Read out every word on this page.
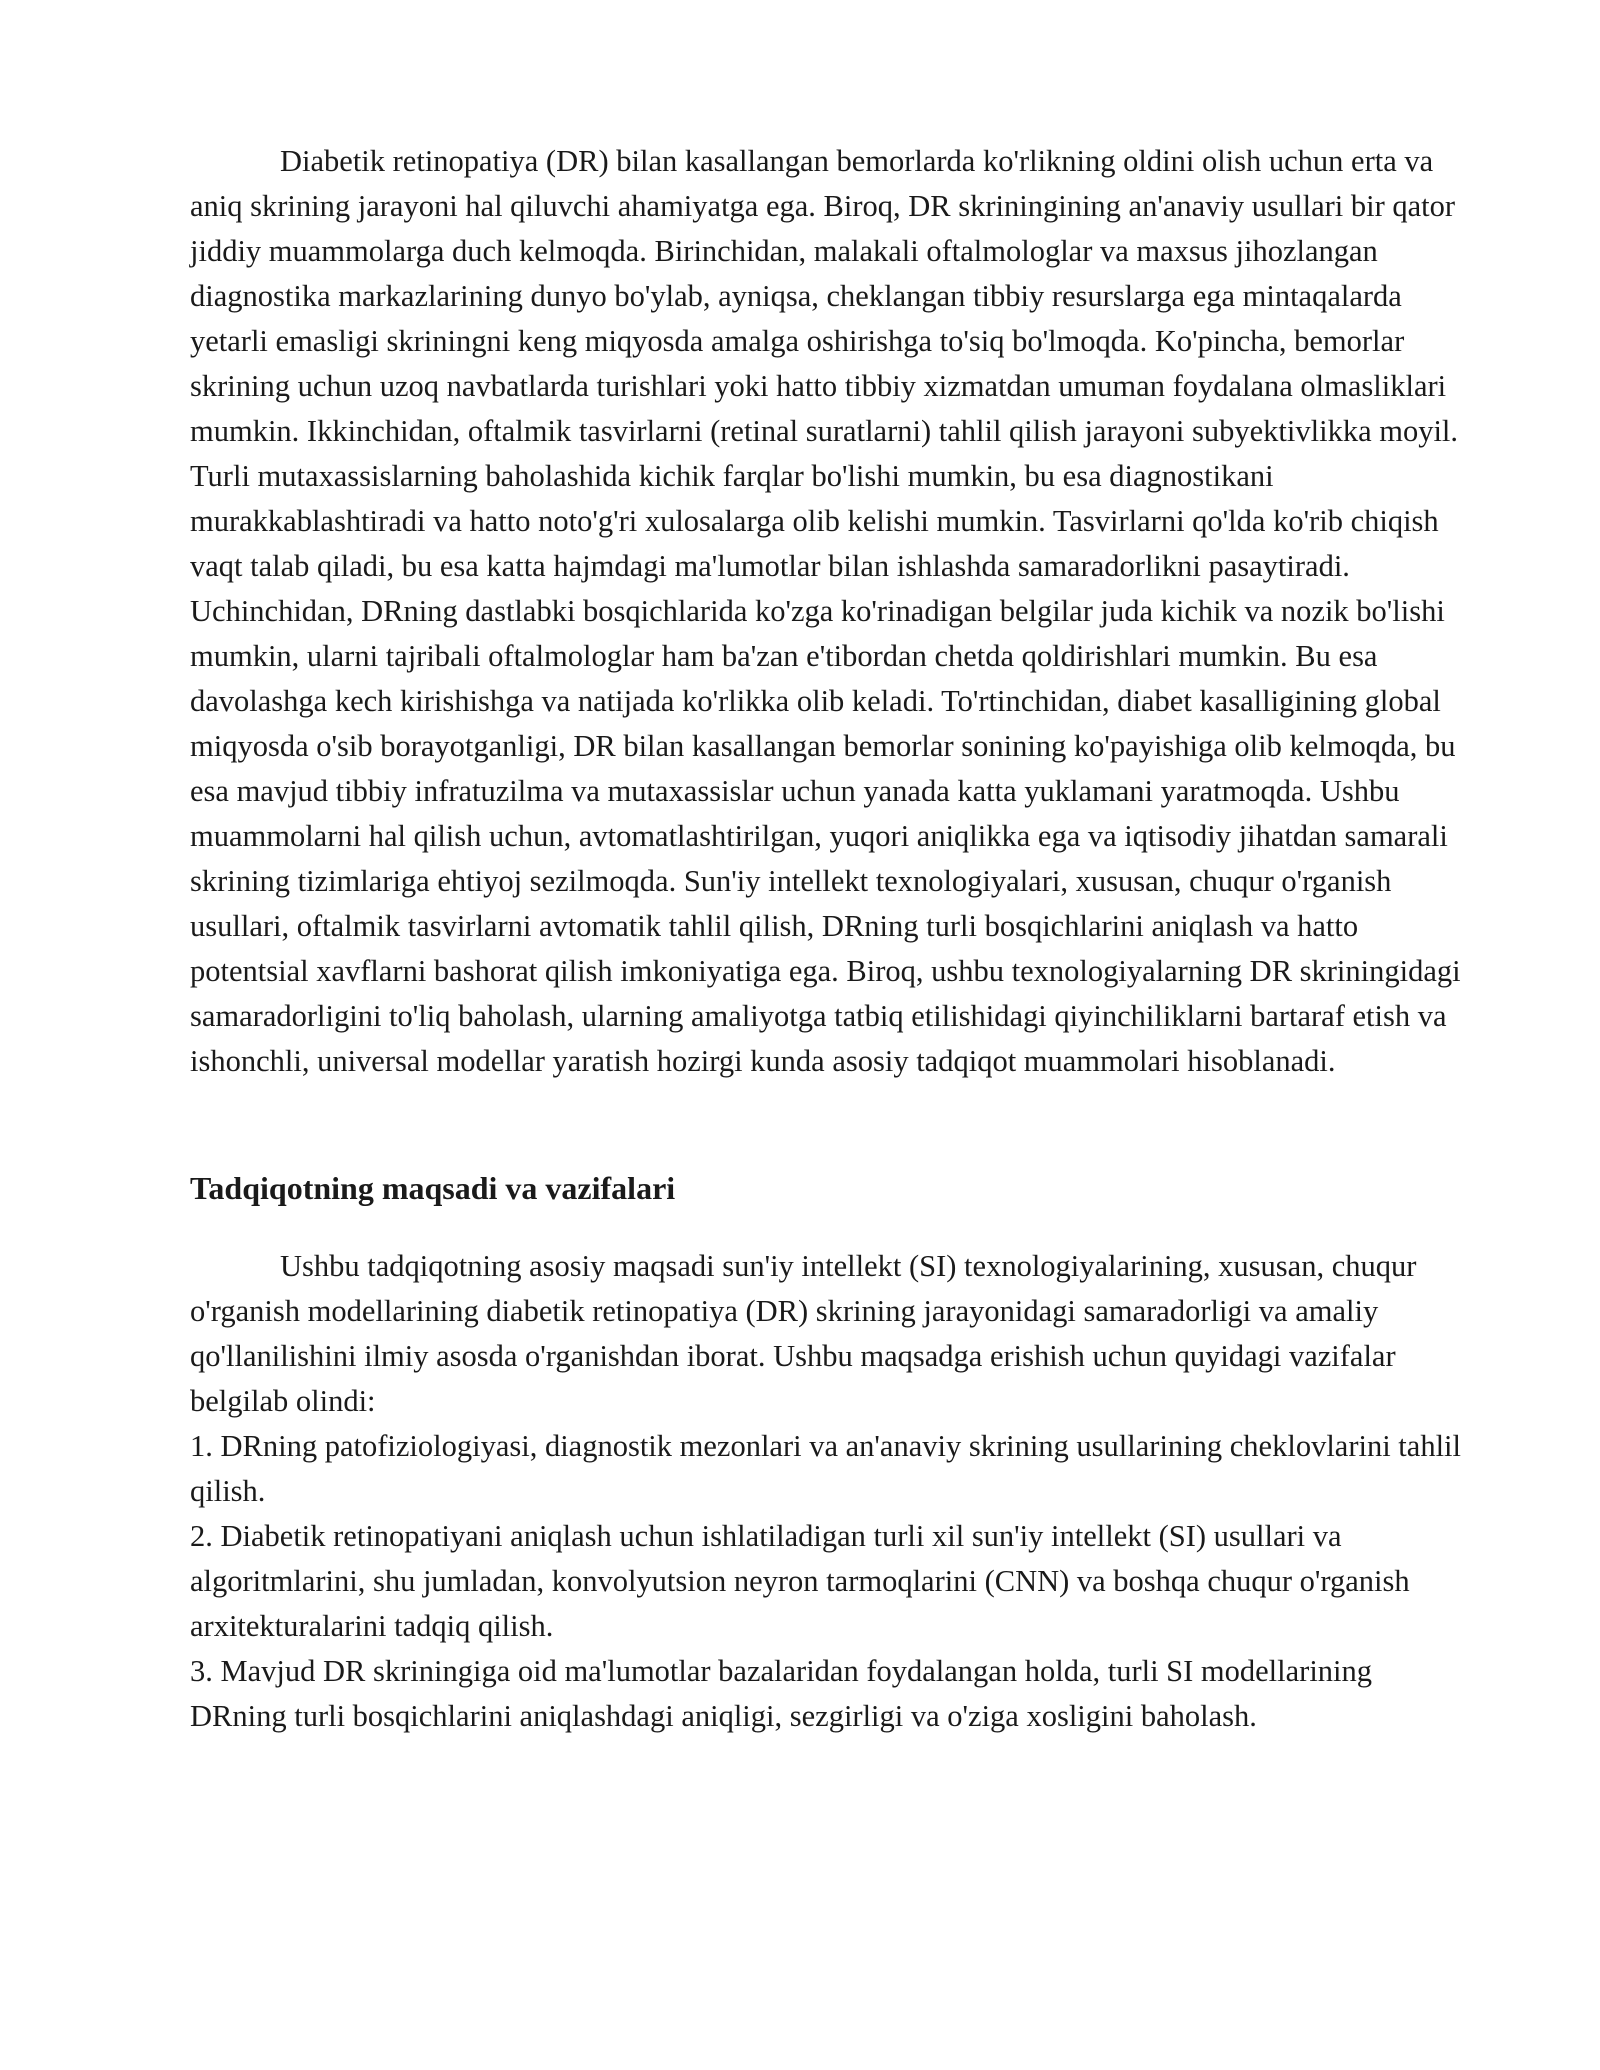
Diabetik retinopatiya (DR) bilan kasallangan bemorlarda ko'rlikning oldini olish uchun erta va aniq skrining jarayoni hal qiluvchi ahamiyatga ega. Biroq, DR skriningining an'anaviy usullari bir qator jiddiy muammolarga duch kelmoqda. Birinchidan, malakali oftalmologlar va maxsus jihozlangan diagnostika markazlarining dunyo bo'ylab, ayniqsa, cheklangan tibbiy resurslarga ega mintaqalarda yetarli emasligi skriningni keng miqyosda amalga oshirishga to'siq bo'lmoqda. Ko'pincha, bemorlar skrining uchun uzoq navbatlarda turishlari yoki hatto tibbiy xizmatdan umuman foydalana olmasliklari mumkin. Ikkinchidan, oftalmik tasvirlarni (retinal suratlarni) tahlil qilish jarayoni subyektivlikka moyil. Turli mutaxassislarning baholashida kichik farqlar bo'lishi mumkin, bu esa diagnostikani murakkablashtiradi va hatto noto'g'ri xulosalarga olib kelishi mumkin. Tasvirlarni qo'lda ko'rib chiqish vaqt talab qiladi, bu esa katta hajmdagi ma'lumotlar bilan ishlashda samaradorlikni pasaytiradi. Uchinchidan, DRning dastlabki bosqichlarida ko'zga ko'rinadigan belgilar juda kichik va nozik bo'lishi mumkin, ularni tajribali oftalmologlar ham ba'zan e'tibordan chetda qoldirishlari mumkin. Bu esa davolashga kech kirishishga va natijada ko'rlikka olib keladi. To'rtinchidan, diabet kasalligining global miqyosda o'sib borayotganligi, DR bilan kasallangan bemorlar sonining ko'payishiga olib kelmoqda, bu esa mavjud tibbiy infratuzilma va mutaxassislar uchun yanada katta yuklamani yaratmoqda. Ushbu muammolarni hal qilish uchun, avtomatlashtirilgan, yuqori aniqlikka ega va iqtisodiy jihatdan samarali skrining tizimlariga ehtiyoj sezilmoqda. Sun'iy intellekt texnologiyalari, xususan, chuqur o'rganish usullari, oftalmik tasvirlarni avtomatik tahlil qilish, DRning turli bosqichlarini aniqlash va hatto potentsial xavflarni bashorat qilish imkoniyatiga ega. Biroq, ushbu texnologiyalarning DR skriningidagi samaradorligini to'liq baholash, ularning amaliyotga tatbiq etilishidagi qiyinchiliklarni bartaraf etish va ishonchli, universal modellar yaratish hozirgi kunda asosiy tadqiqot muammolari hisoblanadi.

Tadqiqotning maqsadi va vazifalari

Ushbu tadqiqotning asosiy maqsadi sun'iy intellekt (SI) texnologiyalarining, xususan, chuqur o'rganish modellarining diabetik retinopatiya (DR) skrining jarayonidagi samaradorligi va amaliy qo'llanilishini ilmiy asosda o'rganishdan iborat. Ushbu maqsadga erishish uchun quyidagi vazifalar belgilab olindi:

1. DRning patofiziologiyasi, diagnostik mezonlari va an'anaviy skrining usullarining cheklovlarini tahlil qilish.

2. Diabetik retinopatiyani aniqlash uchun ishlatiladigan turli xil sun'iy intellekt (SI) usullari va algoritmlarini, shu jumladan, konvolyutsion neyron tarmoqlarini (CNN) va boshqa chuqur o'rganish arxitekturalarini tadqiq qilish.

3. Mavjud DR skriningiga oid ma'lumotlar bazalaridan foydalangan holda, turli SI modellarining DRning turli bosqichlarini aniqlashdagi aniqligi, sezgirligi va o'ziga xosligini baholash.
